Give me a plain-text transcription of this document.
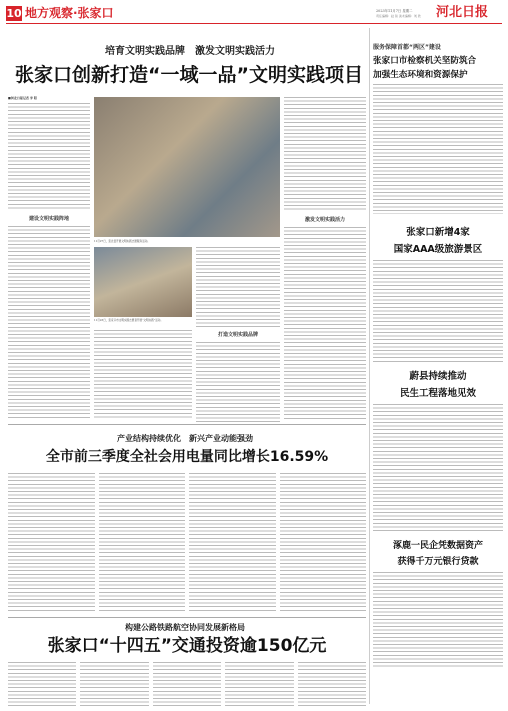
10 地方观察·张家口	2023年11月7日 星期二
责任编辑：赵 铁 美术编辑：刘 欣 河北日报
培育文明实践品牌　激发文明实践活力
张家口创新打造“一域一品”文明实践项目
■河北日报记者 李 阳
建设文明实践阵地
11月27日，张北县开展文明实践志愿服务活动。
激发文明实践活力
11月23日，张家口市文明实践志愿者开展“文明实践”活动。
打造文明实践品牌
服务保障首都“两区”建设
张家口市检察机关坚防筑合
加强生态环境和资源保护
张家口新增4家
国家AAA级旅游景区
蔚县持续推动
民生工程落地见效
涿鹿一民企凭数据资产
获得千万元银行贷款
产业结构持续优化　新兴产业动能强劲
全市前三季度全社会用电量同比增长16.59%
构建公路铁路航空协同发展新格局
张家口“十四五”交通投资逾150亿元
